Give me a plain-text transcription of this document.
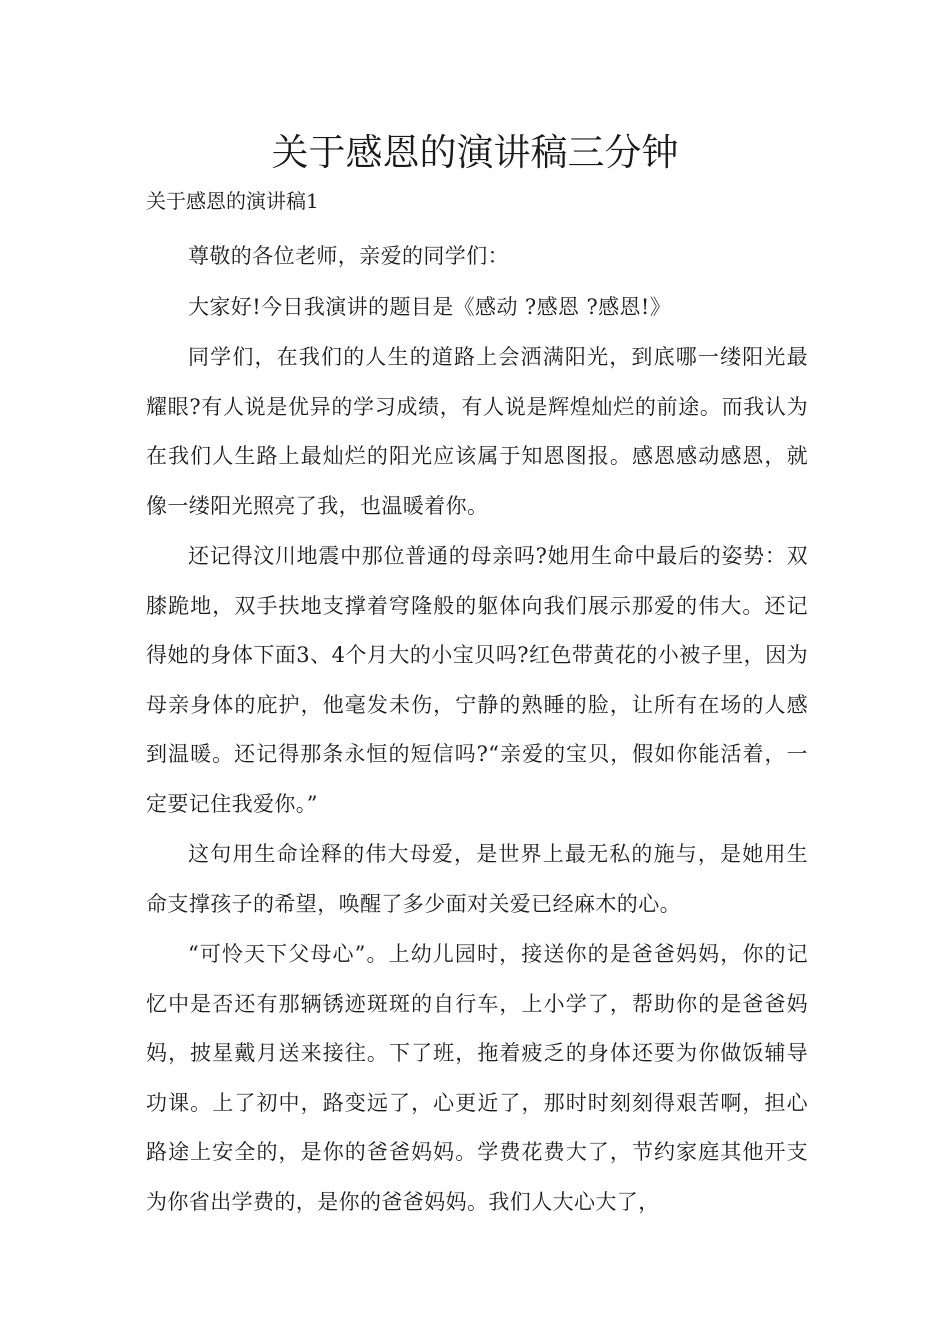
关于感恩的演讲稿三分钟

关于感恩的演讲稿1

尊敬的各位老师，亲爱的同学们：

大家好!今日我演讲的题目是《感动 ?感恩 ?感恩!》

同学们，在我们的人生的道路上会洒满阳光，到底哪一缕阳光最耀眼?有人说是优异的学习成绩，有人说是辉煌灿烂的前途。而我认为在我们人生路上最灿烂的阳光应该属于知恩图报。感恩感动感恩，就像一缕阳光照亮了我，也温暖着你。

还记得汶川地震中那位普通的母亲吗?她用生命中最后的姿势：双膝跪地，双手扶地支撑着穹隆般的躯体向我们展示那爱的伟大。还记得她的身体下面3、4个月大的小宝贝吗?红色带黄花的小被子里，因为母亲身体的庇护，他毫发未伤，宁静的熟睡的脸，让所有在场的人感到温暖。还记得那条永恒的短信吗?“亲爱的宝贝，假如你能活着，一定要记住我爱你。”

这句用生命诠释的伟大母爱，是世界上最无私的施与，是她用生命支撑孩子的希望，唤醒了多少面对关爱已经麻木的心。

“可怜天下父母心”。上幼儿园时，接送你的是爸爸妈妈，你的记忆中是否还有那辆锈迹斑斑的自行车，上小学了，帮助你的是爸爸妈妈，披星戴月送来接往。下了班，拖着疲乏的身体还要为你做饭辅导功课。上了初中，路变远了，心更近了，那时时刻刻得艰苦啊，担心路途上安全的，是你的爸爸妈妈。学费花费大了，节约家庭其他开支为你省出学费的，是你的爸爸妈妈。我们人大心大了，
